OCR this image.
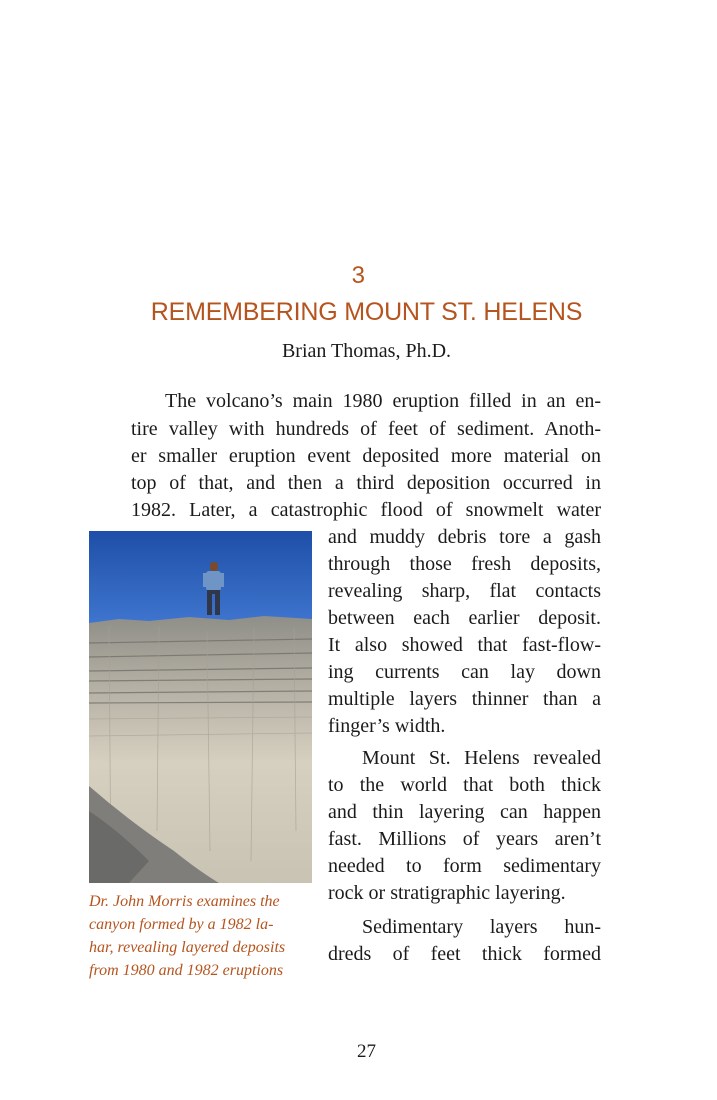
3
REMEMBERING MOUNT ST. HELENS
Brian Thomas, Ph.D.
The volcano’s main 1980 eruption filled in an en-
tire valley with hundreds of feet of sediment. Anoth-
er smaller eruption event deposited more material on
top of that, and then a third deposition occurred in
1982. Later, a catastrophic flood of snowmelt water
and muddy debris tore a gash
through those fresh deposits,
revealing sharp, flat contacts
between each earlier deposit.
It also showed that fast-flow-
ing currents can lay down
multiple layers thinner than a
finger’s width.
Mount St. Helens revealed
to the world that both thick
and thin layering can happen
fast. Millions of years aren’t
needed to form sedimentary
rock or stratigraphic layering.
Sedimentary layers hun-
dreds of feet thick formed
Dr. John Morris examines the
canyon formed by a 1982 la-
har, revealing layered deposits
from 1980 and 1982 eruptions
27
